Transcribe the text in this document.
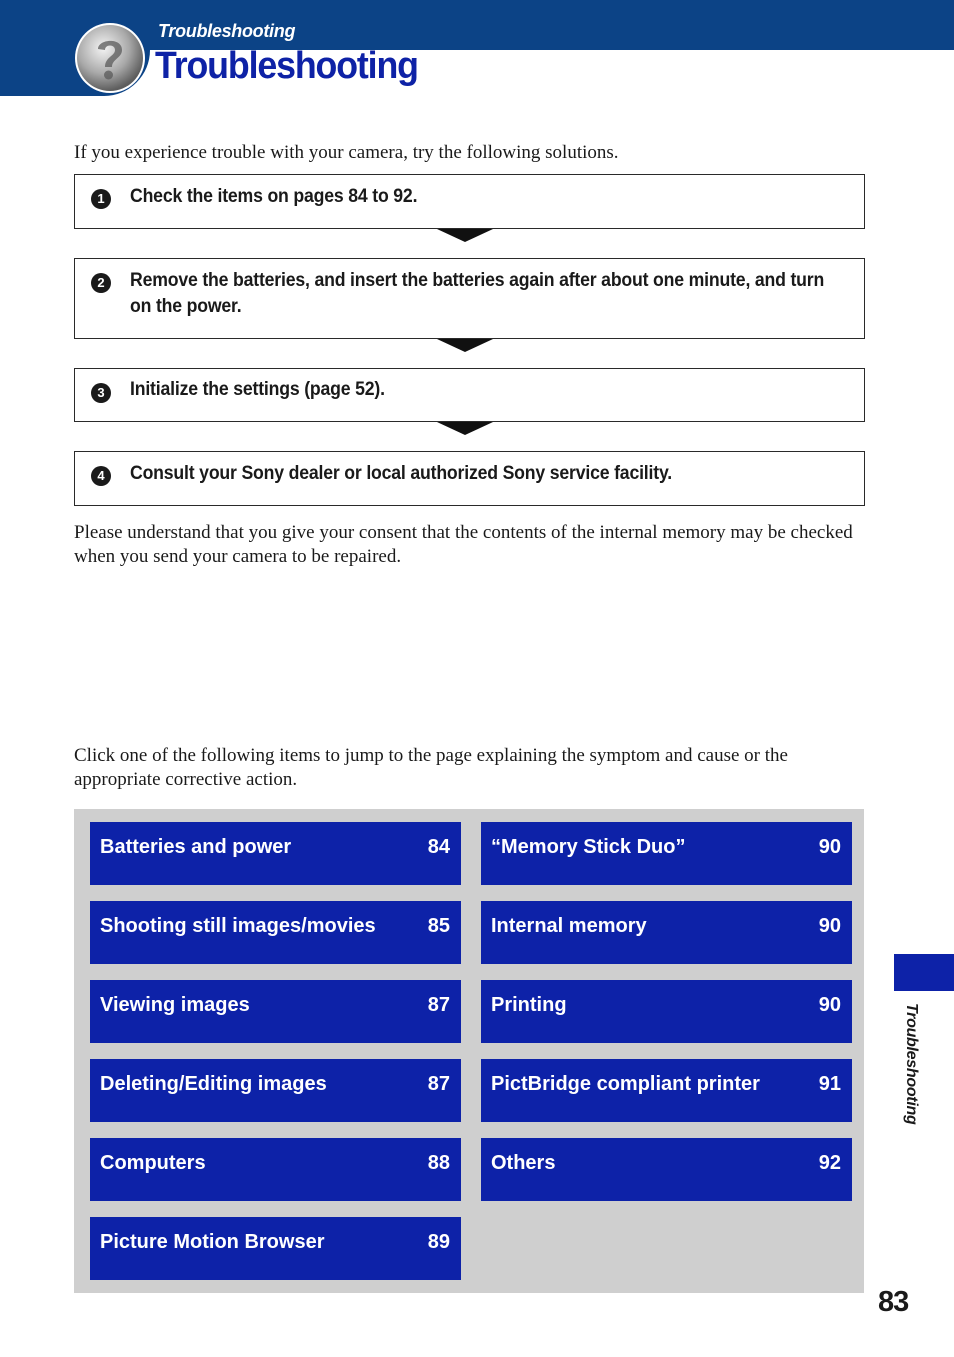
Troubleshooting
Troubleshooting
If you experience trouble with your camera, try the following solutions.
1	Check the items on pages 84 to 92.
2	Remove the batteries, and insert the batteries again after about one minute, and turn on the power.
3	Initialize the settings (page 52).
4	Consult your Sony dealer or local authorized Sony service facility.
Please understand that you give your consent that the contents of the internal memory may be checked when you send your camera to be repaired.
Click one of the following items to jump to the page explaining the symptom and cause or the appropriate corrective action.
Batteries and power	84
Shooting still images/movies	85
Viewing images	87
Deleting/Editing images	87
Computers	88
Picture Motion Browser	89
“Memory Stick Duo”	90
Internal memory	90
Printing	90
PictBridge compliant printer	91
Others	92
Troubleshooting
83
